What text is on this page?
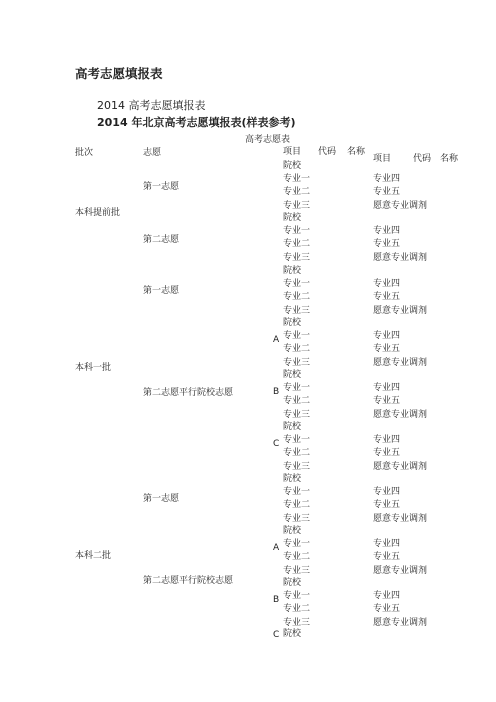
高考志愿填报表
2014 高考志愿填报表
2014 年北京高考志愿填报表(样表参考)
高考志愿表
批次	志愿	项目 代码 名称
项目 代码 名称
院校
专业一
专业二
专业三
专业四
专业五
愿意专业调剂
院校
专业一
专业二
专业三
专业四
专业五
愿意专业调剂
院校
专业一
专业二
专业三
专业四
专业五
愿意专业调剂
院校
专业一
专业二
专业三
专业四
专业五
愿意专业调剂
A
院校
专业一
专业二
专业三
专业四
专业五
愿意专业调剂
B
院校
专业一
专业二
专业三
专业四
专业五
愿意专业调剂
C
院校
专业一
专业二
专业三
专业四
专业五
愿意专业调剂
院校
专业一
专业二
专业三
专业四
专业五
愿意专业调剂
A
院校
专业一
专业二
专业三
专业四
专业五
愿意专业调剂
B
院校
C
本科提前批
本科一批
本科二批
第一志愿
第二志愿
第一志愿
第二志愿平行院校志愿
第一志愿
第二志愿平行院校志愿
